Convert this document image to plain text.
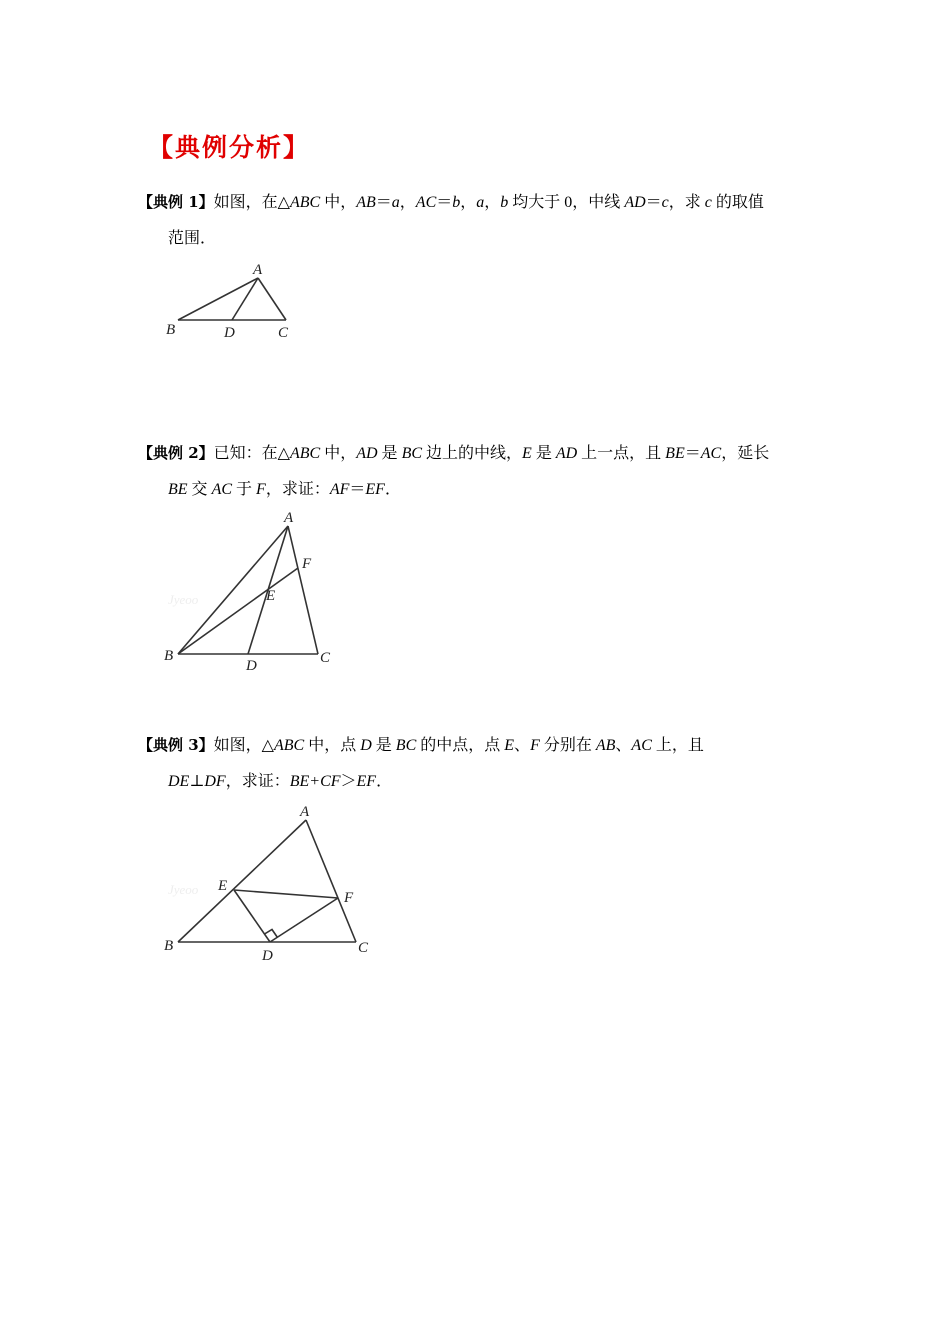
【典例分析】
【典例 1】如图，在△ABC 中，AB＝a，AC＝b，a，b 均大于 0，中线 AD＝c，求 c 的取值
范围．
A
B	D	C
【典例 2】已知：在△ABC 中，AD 是 BC 边上的中线，E 是 AD 上一点，且 BE＝AC，延长
BE 交 AC 于 F，求证：AF＝EF．
Jyeoo
A
F
E
B
D	C
【典例 3】如图，△ABC 中，点 D 是 BC 的中点，点 E、F 分别在 AB、AC 上，且
DE⊥DF，求证：BE+CF＞EF．
Jyeoo
A
E
F
B
D	C
